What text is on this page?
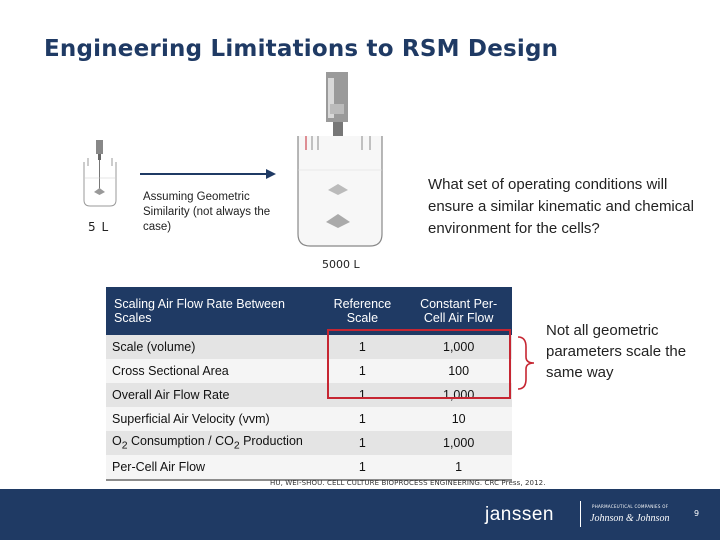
Engineering Limitations to RSM Design
5 L
Assuming Geometric Similarity (not always the case)
5000 L
What set of operating conditions will ensure a similar kinematic and chemical environment for the cells?
Scaling Air Flow Rate Between Scales	Reference Scale	Constant Per-Cell Air Flow
Scale (volume)	1	1,000
Cross Sectional Area	1	100
Overall Air Flow Rate	1	1,000
Superficial Air Velocity (vvm)	1	10
$O_2$ Consumption / $CO_2$ Production	1	1,000
Per-Cell Air Flow	1	1
Not all geometric parameters scale the same way
HU, WEI-SHOU. CELL CULTURE BIOPROCESS ENGINEERING. CRC Press, 2012.
janssen	PHARMACEUTICAL COMPANIES OF
Johnson & Johnson	9
